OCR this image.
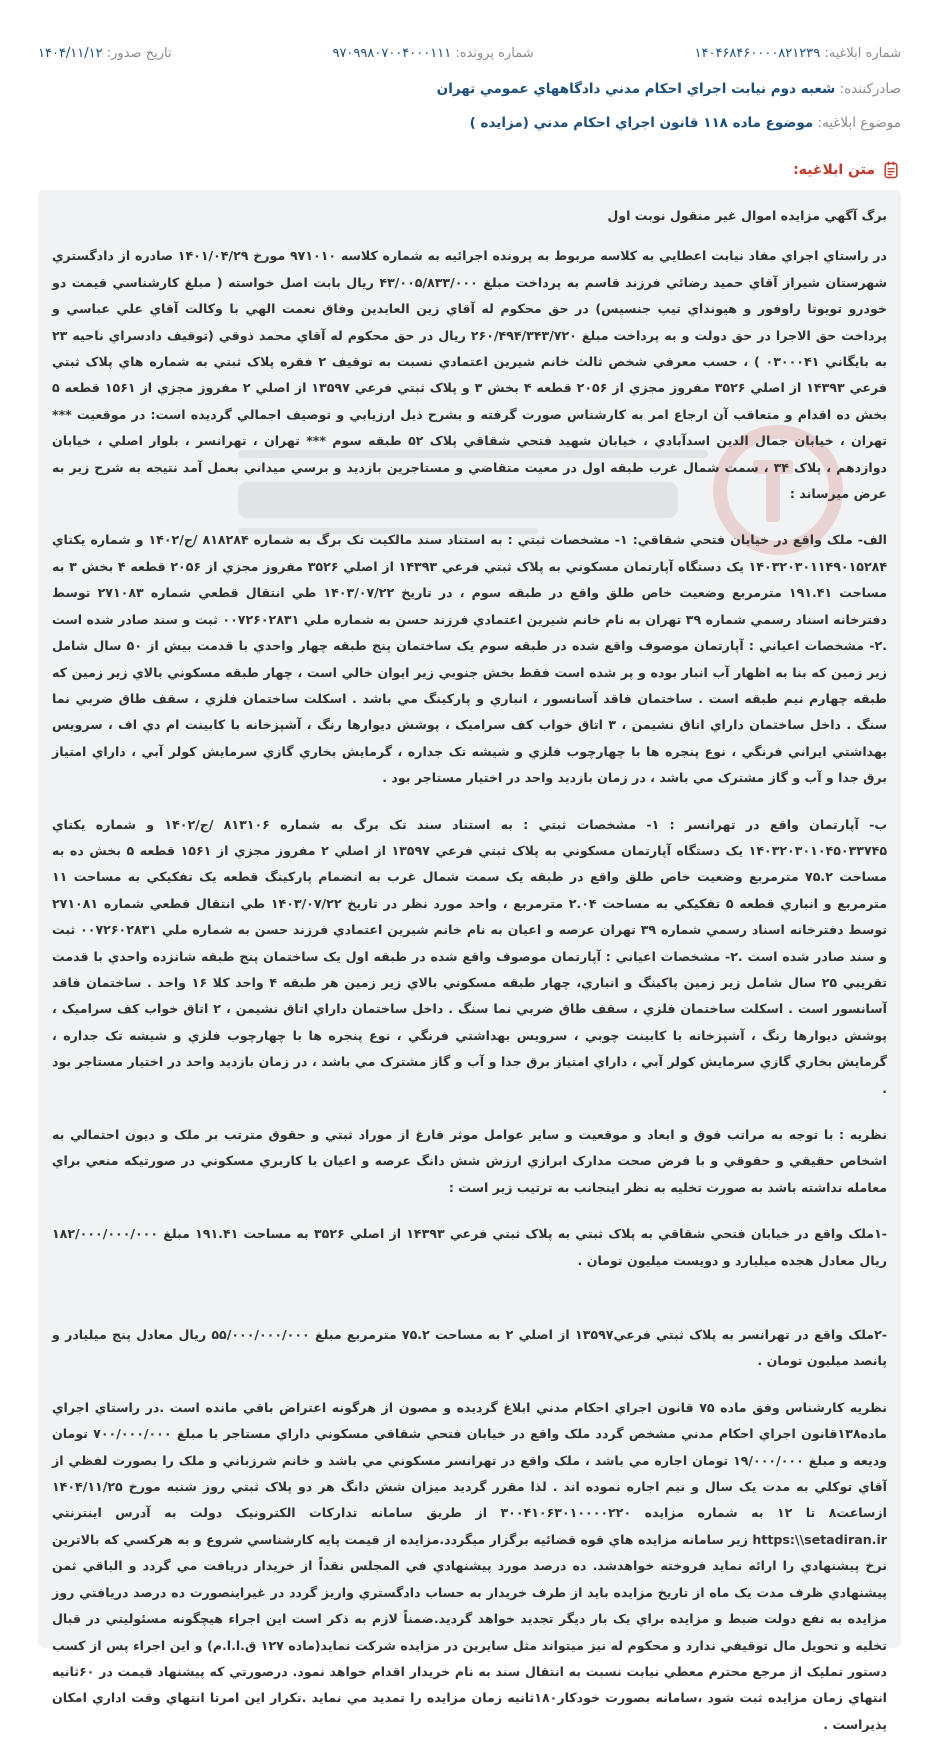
شماره ابلاغيه: ۱۴۰۴۶۸۴۶۰۰۰۰۸۲۱۲۳۹
شماره پرونده: ۹۷۰۹۹۸۰۷۰۰۴۰۰۰۱۱۱
تاريخ صدور: ۱۴۰۴/۱۱/۱۲
صادرکننده: شعبه دوم نيابت اجراي احکام مدني دادگاههاي عمومي تهران
موضوع ابلاغيه: موضوع ماده ۱۱۸ قانون اجراي احکام مدني (مزايده )
متن ابلاغيه:

برگ آگهي مزايده اموال غير منقول نوبت اول

در راستاي اجراي مفاد نيابت اعطايي به کلاسه مربوط به پرونده اجرائيه به شماره کلاسه ۹۷۱۰۱۰ مورخ ۱۴۰۱/۰۴/۲۹ صادره از دادگستري شهرستان شيراز آقاي حميد رضائي فرزند قاسم به پرداخت مبلغ ۴۳/۰۰۵/۸۳۳/۰۰۰ ريال بابت اصل خواسته ( مبلغ کارشناسي قيمت دو خودرو تويوتا راوفور و هيونداي تيپ جنسيس) در حق محکوم له آقاي زين العابدين وفاق نعمت الهي با وکالت آقاي علي عباسي و پرداخت حق الاجرا در حق دولت و به پرداخت مبلغ ۲۶۰/۴۹۴/۳۴۳/۷۲۰ ريال در حق محکوم له آقاي محمد ذوقي (توقيف دادسراي ناحيه ۲۳ به بايگاني ۰۳۰۰۰۴۱ ) ، حسب معرفي شخص ثالث خانم شيرين اعتمادي نسبت به توقيف ۲ فقره پلاک ثبتي به شماره هاي پلاک ثبتي فرعي ۱۴۳۹۳ از اصلي ۳۵۲۶ مفروز مجزي از ۲۰۵۶ قطعه ۴ بخش ۳ و پلاک ثبتي فرعي ۱۳۵۹۷ از اصلي ۲ مفروز مجزي از ۱۵۶۱ قطعه ۵ بخش ده اقدام و متعاقب آن ارجاع امر به کارشناس صورت گرفته و بشرح ذيل ارزيابي و توصيف اجمالي گرديده است: در موقعيت *** تهران ، خيابان جمال الدين اسدآبادي ، خيابان شهيد فتحي شقاقي پلاک ۵۲ طبقه سوم *** تهران ، تهرانسر ، بلوار اصلي ، خيابان دوازدهم ، پلاک ۳۴ ، سمت شمال غرب طبقه اول در معيت متقاضي و مستاجرين بازديد و برسي ميداني بعمل آمد نتيجه به شرح زير به عرض ميرساند :

الف- ملک واقع در خيابان فتحي شقاقي: ۱- مشخصات ثبتي : به استناد سند مالکيت تک برگ به شماره ۸۱۸۲۸۴ /ج/۱۴۰۲ و شماره يکتاي ۱۴۰۳۲۰۳۰۱۱۴۹۰۱۵۲۸۴ يک دستگاه آپارتمان مسکوني به پلاک ثبتي فرعي ۱۴۳۹۳ از اصلي ۳۵۲۶ مفروز مجزي از ۲۰۵۶ قطعه ۴ بخش ۳ به مساحت ۱۹۱.۴۱ مترمربع وضعيت خاص طلق واقع در طبقه سوم ، در تاريخ ۱۴۰۳/۰۷/۲۲ طي انتقال قطعي شماره ۲۷۱۰۸۳ توسط دفترخانه اسناد رسمي شماره ۳۹ تهران به نام خانم شيرين اعتمادي فرزند حسن به شماره ملي ۰۰۷۲۶۰۲۸۳۱ ثبت و سند صادر شده است .۲- مشخصات اعياني : آپارتمان موصوف واقع شده در طبقه سوم يک ساختمان پنج طبقه چهار واحدي با قدمت بيش از ۵۰ سال شامل زير زمين که بنا به اظهار آب انبار بوده و پر شده است فقط بخش جنوبي زير ايوان خالي است ، چهار طبقه مسکوني بالاي زير زمين که طبقه چهارم نيم طبقه است . ساختمان فاقد آسانسور ، انباري و پارکينگ مي باشد . اسکلت ساختمان فلزي ، سقف طاق ضربي نما سنگ . داخل ساختمان داراي اتاق نشيمن ، ۳ اتاق خواب کف سراميک ، پوشش ديوارها رنگ ، آشپزخانه با کابينت ام دي اف ، سرويس بهداشتي ايراني فرنگي ، نوع پنجره ها با چهارچوب فلزي و شيشه تک جداره ، گرمايش بخاري گازي سرمايش کولر آبي ، داراي امتياز برق جدا و آب و گاز مشترک مي باشد ، در زمان بازديد واحد در اختيار مستاجر بود .

ب- آپارتمان واقع در تهرانسر : ۱- مشخصات ثبتي : به استناد سند تک برگ به شماره ۸۱۳۱۰۶ /ج/۱۴۰۲ و شماره يکتاي ۱۴۰۳۲۰۳۰۱۰۴۵۰۳۳۷۴۵ يک دستگاه آپارتمان مسکوني به پلاک ثبتي فرعي ۱۳۵۹۷ از اصلي ۲ مفروز مجزي از ۱۵۶۱ قطعه ۵ بخش ده به مساحت ۷۵.۲ مترمربع وضعيت خاص طلق واقع در طبقه يک سمت شمال غرب به انضمام پارکينگ قطعه يک تفکيکي به مساحت ۱۱ مترمربع و انباري قطعه ۵ تفکيکي به مساحت ۲.۰۴ مترمربع ، واحد مورد نظر در تاريخ ۱۴۰۳/۰۷/۲۲ طي انتقال قطعي شماره ۲۷۱۰۸۱ توسط دفترخانه اسناد رسمي شماره ۳۹ تهران عرصه و اعيان به نام خانم شيرين اعتمادي فرزند حسن به شماره ملي ۰۰۷۲۶۰۲۸۳۱ ثبت و سند صادر شده است .۲- مشخصات اعياني : آپارتمان موصوف واقع شده در طبقه اول يک ساختمان پنج طبقه شانزده واحدي با قدمت تقريبي ۲۵ سال شامل زير زمين پاکينگ و انباري، چهار طبقه مسکوني بالاي زير زمين هر طبقه ۴ واحد کلا ۱۶ واحد . ساختمان فاقد آسانسور است . اسکلت ساختمان فلزي ، سقف طاق ضربي نما سنگ . داخل ساختمان داراي اتاق نشيمن ، ۲ اتاق خواب کف سراميک ، پوشش ديوارها رنگ ، آشپزخانه با کابينت چوبي ، سرويس بهداشتي فرنگي ، نوع پنجره ها با چهارچوب فلزي و شيشه تک جداره ، گرمايش بخاري گازي سرمايش کولر آبي ، داراي امتياز برق جدا و آب و گاز مشترک مي باشد ، در زمان بازديد واحد در اختيار مستاجر بود .

نظريه : با توجه به مراتب فوق و ابعاد و موقعيت و ساير عوامل موثر فارغ از موراد ثبتي و حقوق مترتب بر ملک و ديون احتمالي به اشخاص حقيقي و حقوقي و با فرض صحت مدارک ابرازي ارزش شش دانگ عرصه و اعيان با کاربري مسکوني در صورتيکه منعي براي معامله نداشته باشد به صورت تخليه به نظر اينجانب به ترتيب زير است :

-۱ملک واقع در خيابان فتحي شقاقي به پلاک ثبتي به پلاک ثبتي فرعي ۱۴۳۹۳ از اصلي ۳۵۲۶ به مساحت ۱۹۱.۴۱ مبلغ ۱۸۲/۰۰۰/۰۰۰/۰۰۰ ريال معادل هجده ميليارد و دويست ميليون تومان .

-۲ملک واقع در تهرانسر به پلاک ثبتي فرعي۱۳۵۹۷ از اصلي ۲ به مساحت ۷۵.۲ مترمربع مبلغ ۵۵/۰۰۰/۰۰۰/۰۰۰ ريال معادل پنج ميليادر و پانصد ميليون تومان .

نظريه کارشناس وفق ماده ۷۵ قانون اجراي احکام مدني ابلاغ گرديده و مصون از هرگونه اعتراض باقي مانده است .در راستاي اجراي ماده۱۳۸قانون اجراي احکام مدني مشخص گردد ملک واقع در خيابان فتحي شقاقي مسکوني داراي مستاجر با مبلغ ۷۰۰/۰۰۰/۰۰۰ تومان وديعه و مبلغ ۱۹/۰۰۰/۰۰۰ تومان اجاره مي باشد ، ملک واقع در تهرانسر مسکوني مي باشد و خانم شرزباني و ملک را بصورت لفظي از آقاي توکلي به مدت يک سال و نيم اجاره نموده اند . لذا مقرر گرديد ميزان شش دانگ هر دو پلاک ثبتي روز شنبه مورخ ۱۴۰۴/۱۱/۲۵ ازساعت۸ تا ۱۲ به شماره مزايده ۳۰۰۴۱۰۶۳۰۱۰۰۰۰۲۲۰ از طريق سامانه تدارکات الکترونيک دولت به آدرس اينترنتي https:\\setadiran.ir زير سامانه مزايده هاي قوه قضائيه برگزار ميگردد.مزايده از قيمت پايه کارشناسي شروع و به هرکسي که بالاترين نرخ پيشنهادي را ارائه نمايد فروخته خواهدشد. ده درصد مورد پيشنهادي في المجلس نقداً از خريدار دريافت مي گردد و الباقي ثمن پيشنهادي ظرف مدت يک ماه از تاريخ مزايده بايد از طرف خريدار به حساب دادگستري واريز گردد در غيراينصورت ده درصد دريافتي روز مزايده به نفع دولت ضبط و مزايده براي يک بار ديگر تجديد خواهد گرديد.ضمناً لازم به ذکر است اين اجراء هيچگونه مسئوليتي در قبال تخليه و تحويل مال توقيفي ندارد و محکوم له نيز ميتواند مثل سايرين در مزايده شرکت نمايد(ماده ۱۲۷ ق.ا.ا.م) و اين اجراء پس از کسب دستور تمليک از مرجع محترم معطي نيابت نسبت به انتقال سند به نام خريدار اقدام خواهد نمود. درصورتي که پيشنهاد قيمت در ۶۰ثانيه انتهاي زمان مزايده ثبت شود ،سامانه بصورت خودکار۱۸۰ثانيه زمان مزايده را تمديد مي نمايد .تکرار اين امرتا انتهاي وقت اداري امکان پذيراست .
